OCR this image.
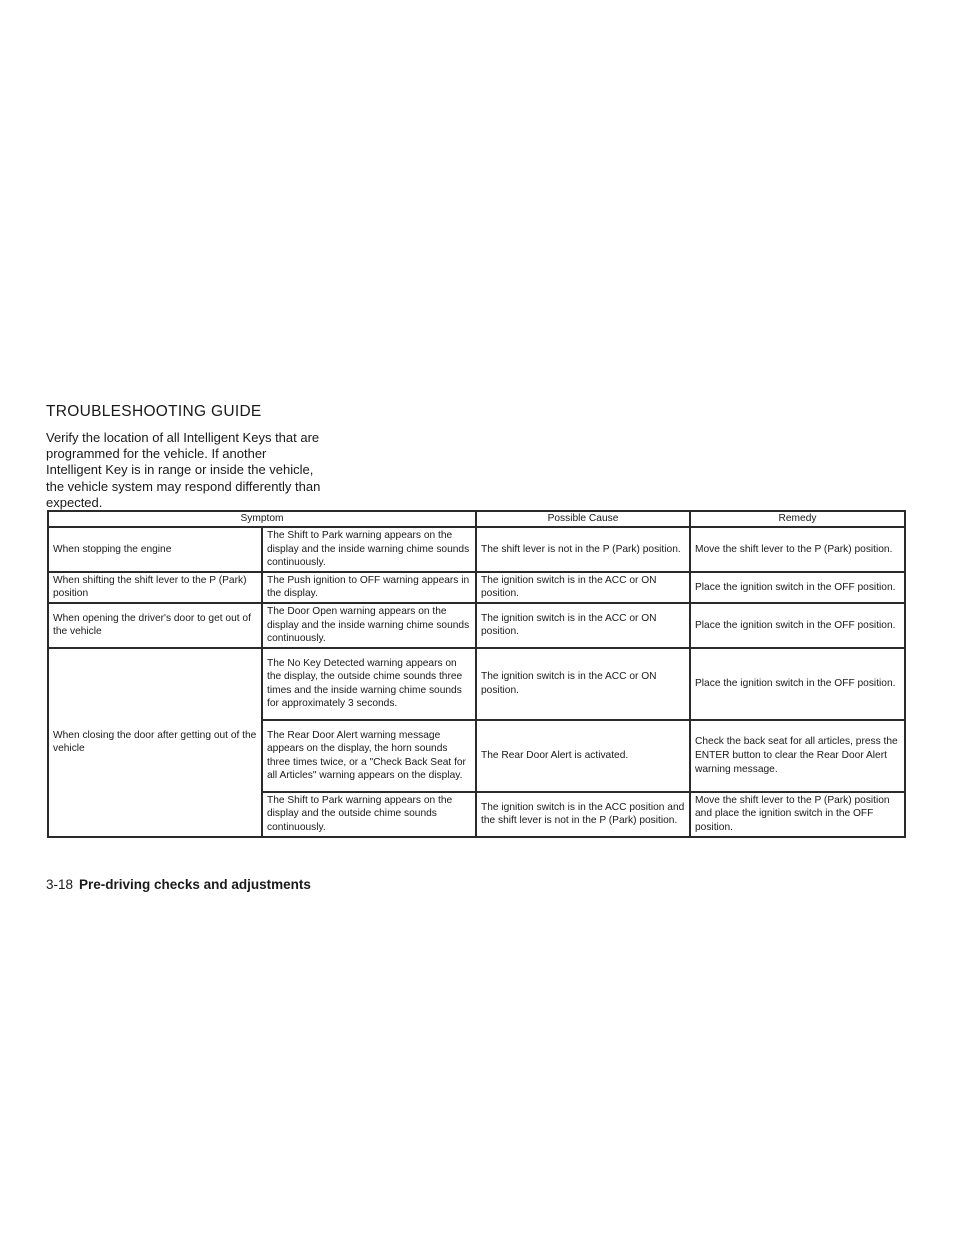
TROUBLESHOOTING GUIDE

Verify the location of all Intelligent Keys that are programmed for the vehicle. If another Intelligent Key is in range or inside the vehicle, the vehicle system may respond differently than expected.

Symptom		Possible Cause	Remedy
When stopping the engine	The Shift to Park warning appears on the display and the inside warning chime sounds continuously.	The shift lever is not in the P (Park) position.	Move the shift lever to the P (Park) position.
When shifting the shift lever to the P (Park) position	The Push ignition to OFF warning appears in the display.	The ignition switch is in the ACC or ON position.	Place the ignition switch in the OFF position.
When opening the driver's door to get out of the vehicle	The Door Open warning appears on the display and the inside warning chime sounds continuously.	The ignition switch is in the ACC or ON position.	Place the ignition switch in the OFF position.
When closing the door after getting out of the vehicle	The No Key Detected warning appears on the display, the outside chime sounds three times and the inside warning chime sounds for approximately 3 seconds.	The ignition switch is in the ACC or ON position.	Place the ignition switch in the OFF position.
	The Rear Door Alert warning message appears on the display, the horn sounds three times twice, or a "Check Back Seat for all Articles" warning appears on the display.	The Rear Door Alert is activated.	Check the back seat for all articles, press the ENTER button to clear the Rear Door Alert warning message.
	The Shift to Park warning appears on the display and the outside chime sounds continuously.	The ignition switch is in the ACC position and the shift lever is not in the P (Park) position.	Move the shift lever to the P (Park) position and place the ignition switch in the OFF position.
3-18 Pre-driving checks and adjustments
